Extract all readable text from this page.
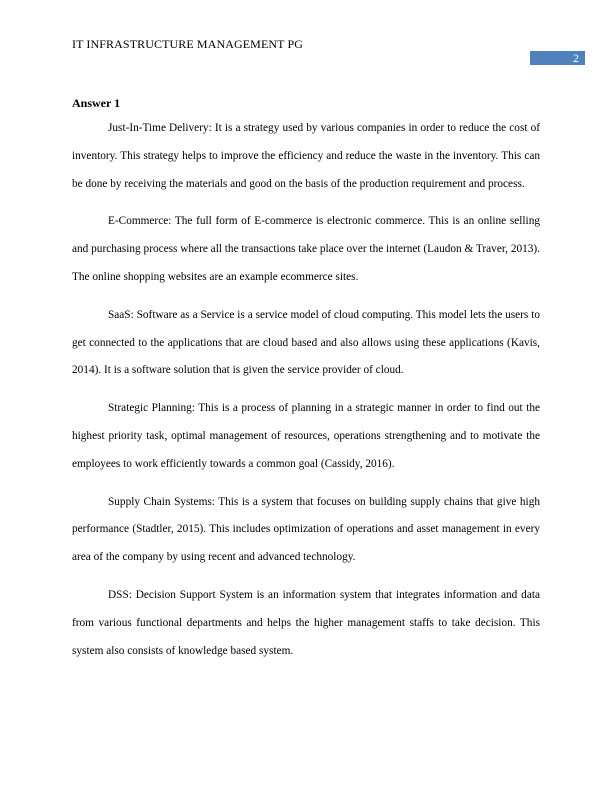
IT INFRASTRUCTURE MANAGEMENT PG
2
Answer 1

Just-In-Time Delivery: It is a strategy used by various companies in order to reduce the cost of inventory. This strategy helps to improve the efficiency and reduce the waste in the inventory. This can be done by receiving the materials and good on the basis of the production requirement and process.

E-Commerce: The full form of E-commerce is electronic commerce. This is an online selling and purchasing process where all the transactions take place over the internet (Laudon & Traver, 2013). The online shopping websites are an example ecommerce sites.

SaaS: Software as a Service is a service model of cloud computing. This model lets the users to get connected to the applications that are cloud based and also allows using these applications (Kavis, 2014). It is a software solution that is given the service provider of cloud.

Strategic Planning: This is a process of planning in a strategic manner in order to find out the highest priority task, optimal management of resources, operations strengthening and to motivate the employees to work efficiently towards a common goal (Cassidy, 2016).

Supply Chain Systems: This is a system that focuses on building supply chains that give high performance (Stadtler, 2015). This includes optimization of operations and asset management in every area of the company by using recent and advanced technology.

DSS: Decision Support System is an information system that integrates information and data from various functional departments and helps the higher management staffs to take decision. This system also consists of knowledge based system.
